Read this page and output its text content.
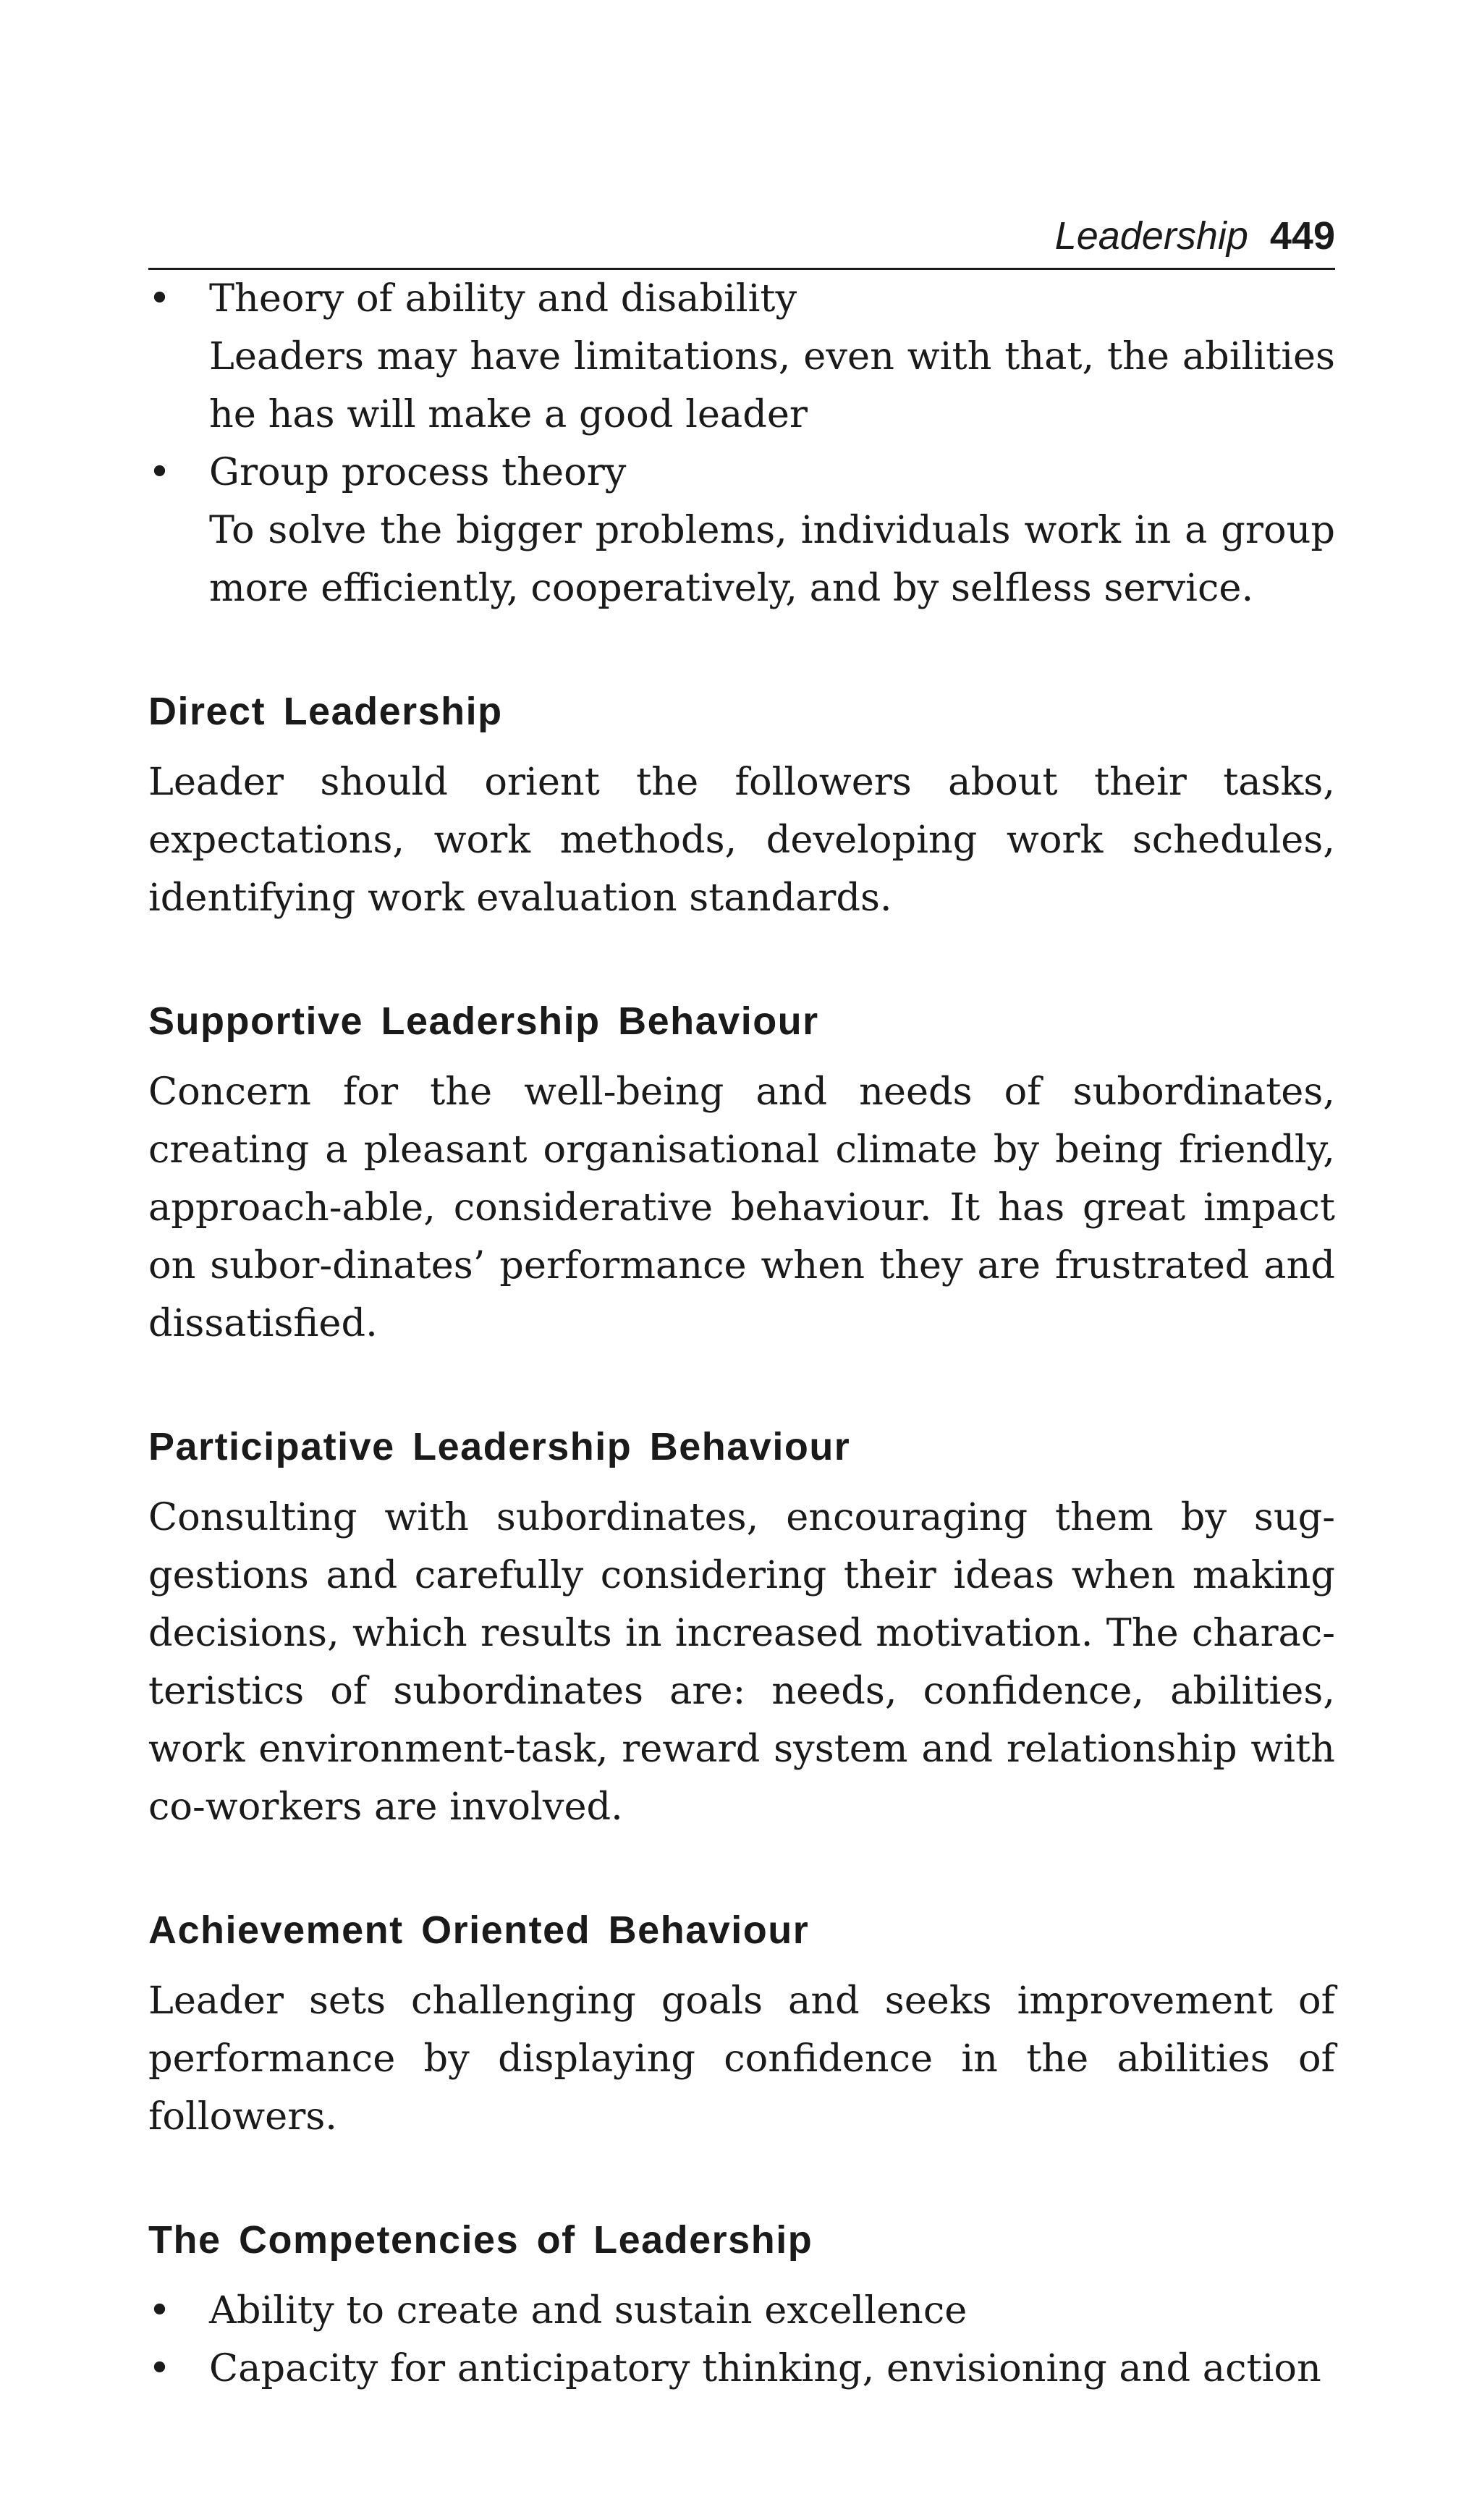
Leadership 449
•	Theory of ability and disability
Leaders may have limitations, even with that, the abilities he has will make a good leader
•	Group process theory
To solve the bigger problems, individuals work in a group more efficiently, cooperatively, and by selfless service.
Direct Leadership

Leader should orient the followers about their tasks, expectations, work methods, developing work schedules, identifying work evaluation standards.

Supportive Leadership Behaviour

Concern for the well-being and needs of subordinates, creating a pleasant organisational climate by being friendly, approach-able, considerative behaviour. It has great impact on subor-dinates’ performance when they are frustrated and dissatisfied.

Participative Leadership Behaviour

Consulting with subordinates, encouraging them by sug-gestions and carefully considering their ideas when making decisions, which results in increased motivation. The charac-teristics of subordinates are: needs, confidence, abilities, work environment-task, reward system and relationship with co-workers are involved.

Achievement Oriented Behaviour

Leader sets challenging goals and seeks improvement of performance by displaying confidence in the abilities of followers.

The Competencies of Leadership
•	Ability to create and sustain excellence
•	Capacity for anticipatory thinking, envisioning and action
